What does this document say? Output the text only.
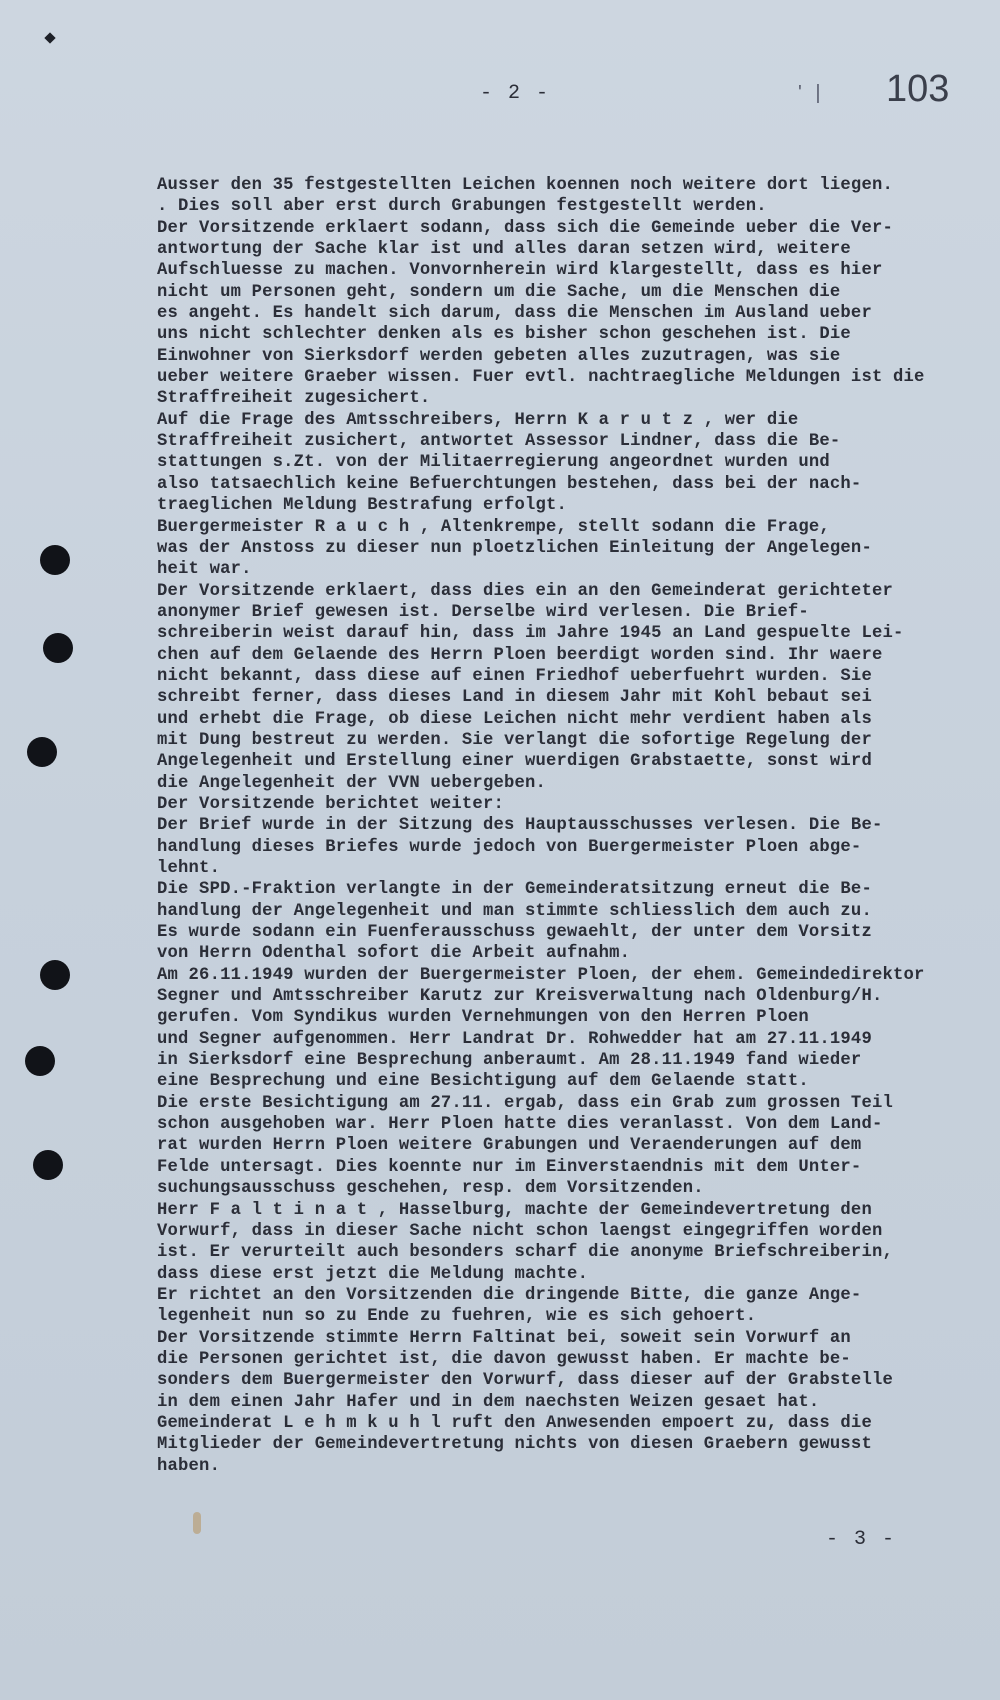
- 2 -	' | 103
Ausser den 35 festgestellten Leichen koennen noch weitere dort liegen.
. Dies soll aber erst durch Grabungen festgestellt werden.
Der Vorsitzende erklaert sodann, dass sich die Gemeinde ueber die Ver-
antwortung der Sache klar ist und alles daran setzen wird, weitere
Aufschluesse zu machen. Vonvornherein wird klargestellt, dass es hier
nicht um Personen geht, sondern um die Sache, um die Menschen die
es angeht. Es handelt sich darum, dass die Menschen im Ausland ueber
uns nicht schlechter denken als es bisher schon geschehen ist. Die
Einwohner von Sierksdorf werden gebeten alles zuzutragen, was sie
ueber weitere Graeber wissen. Fuer evtl. nachtraegliche Meldungen ist die
Straffreiheit zugesichert.
Auf die Frage des Amtsschreibers, Herrn K a r u t z , wer die
Straffreiheit zusichert, antwortet Assessor Lindner, dass die Be-
stattungen s.Zt. von der Militaerregierung angeordnet wurden und
also tatsaechlich keine Befuerchtungen bestehen, dass bei der nach-
traeglichen Meldung Bestrafung erfolgt.
Buergermeister R a u c h , Altenkrempe, stellt sodann die Frage,
was der Anstoss zu dieser nun ploetzlichen Einleitung der Angelegen-
heit war.
Der Vorsitzende erklaert, dass dies ein an den Gemeinderat gerichteter
anonymer Brief gewesen ist. Derselbe wird verlesen. Die Brief-
schreiberin weist darauf hin, dass im Jahre 1945 an Land gespuelte Lei-
chen auf dem Gelaende des Herrn Ploen beerdigt worden sind. Ihr waere
nicht bekannt, dass diese auf einen Friedhof ueberfuehrt wurden. Sie
schreibt ferner, dass dieses Land in diesem Jahr mit Kohl bebaut sei
und erhebt die Frage, ob diese Leichen nicht mehr verdient haben als
mit Dung bestreut zu werden. Sie verlangt die sofortige Regelung der
Angelegenheit und Erstellung einer wuerdigen Grabstaette, sonst wird
die Angelegenheit der VVN uebergeben.
Der Vorsitzende berichtet weiter:
Der Brief wurde in der Sitzung des Hauptausschusses verlesen. Die Be-
handlung dieses Briefes wurde jedoch von Buergermeister Ploen abge-
lehnt.
Die SPD.-Fraktion verlangte in der Gemeinderatsitzung erneut die Be-
handlung der Angelegenheit und man stimmte schliesslich dem auch zu.
Es wurde sodann ein Fuenferausschuss gewaehlt, der unter dem Vorsitz
von Herrn Odenthal sofort die Arbeit aufnahm.
Am 26.11.1949 wurden der Buergermeister Ploen, der ehem. Gemeindedirektor
Segner und Amtsschreiber Karutz zur Kreisverwaltung nach Oldenburg/H.
gerufen. Vom Syndikus wurden Vernehmungen von den Herren Ploen
und Segner aufgenommen. Herr Landrat Dr. Rohwedder hat am 27.11.1949
in Sierksdorf eine Besprechung anberaumt. Am 28.11.1949 fand wieder
eine Besprechung und eine Besichtigung auf dem Gelaende statt.
Die erste Besichtigung am 27.11. ergab, dass ein Grab zum grossen Teil
schon ausgehoben war. Herr Ploen hatte dies veranlasst. Von dem Land-
rat wurden Herrn Ploen weitere Grabungen und Veraenderungen auf dem
Felde untersagt. Dies koennte nur im Einverstaendnis mit dem Unter-
suchungsausschuss geschehen, resp. dem Vorsitzenden.
Herr F a l t i n a t , Hasselburg, machte der Gemeindevertretung den
Vorwurf, dass in dieser Sache nicht schon laengst eingegriffen worden
ist. Er verurteilt auch besonders scharf die anonyme Briefschreiberin,
dass diese erst jetzt die Meldung machte.
Er richtet an den Vorsitzenden die dringende Bitte, die ganze Ange-
legenheit nun so zu Ende zu fuehren, wie es sich gehoert.
Der Vorsitzende stimmte Herrn Faltinat bei, soweit sein Vorwurf an
die Personen gerichtet ist, die davon gewusst haben. Er machte be-
sonders dem Buergermeister den Vorwurf, dass dieser auf der Grabstelle
in dem einen Jahr Hafer und in dem naechsten Weizen gesaet hat.
Gemeinderat L e h m k u h l ruft den Anwesenden empoert zu, dass die
Mitglieder der Gemeindevertretung nichts von diesen Graebern gewusst
haben.
- 3 -
